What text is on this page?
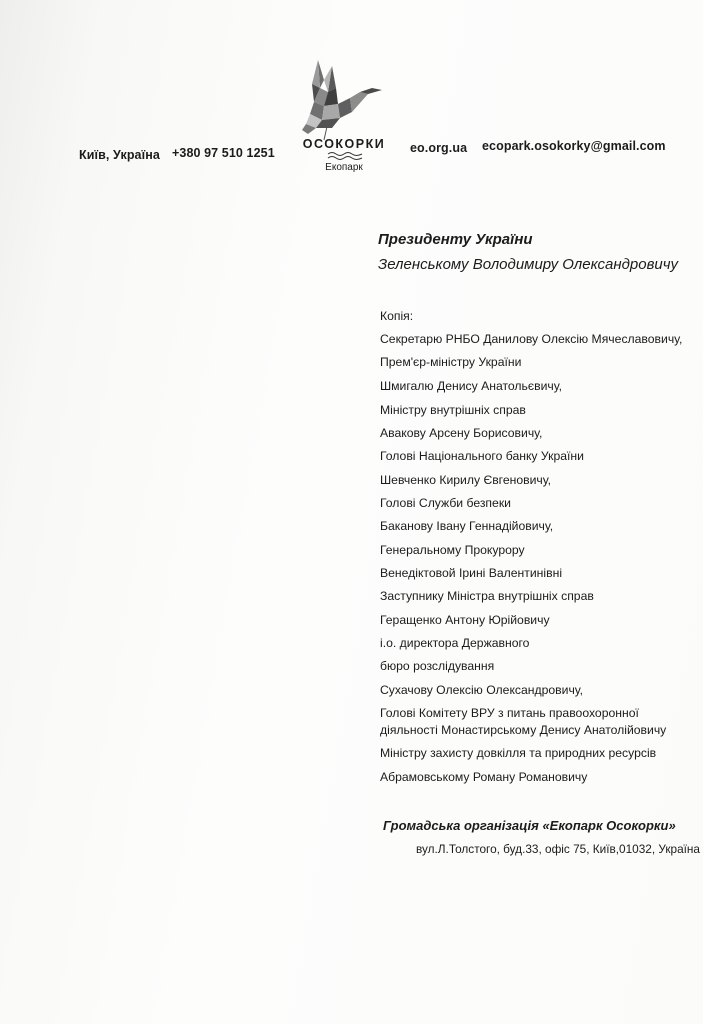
Київ, Україна +380 97 510 1251	eo.org.ua ecopark.osokorky@gmail.com
ОСОКОРКИ
Екопарк
Президенту України
Зеленському Володимиру Олександровичу
Копія:
Секретарю РНБО Данилову Олексію Мячеславовичу,
Прем'єр-міністру України
Шмигалю Денису Анатольєвичу,
Міністру внутрішніх справ
Авакову Арсену Борисовичу,
Голові Національного банку України
Шевченко Кирилу Євгеновичу,
Голові Служби безпеки
Баканову Івану Геннадійовичу,
Генеральному Прокурору
Венедіктовой Ірині Валентинівні
Заступнику Міністра внутрішніх справ
Геращенко Антону Юрійовичу
і.о. директора Державного
бюро розслідування
Сухачову Олексію Олександровичу,
Голові Комітету ВРУ з питань правоохоронної
діяльності Монастирському Денису Анатолійовичу
Міністру захисту довкілля та природних ресурсів
Абрамовському Роману Романовичу
Громадська організація «Екопарк Осокорки»
вул.Л.Толстого, буд.33, офіс 75, Київ,01032, Україна
